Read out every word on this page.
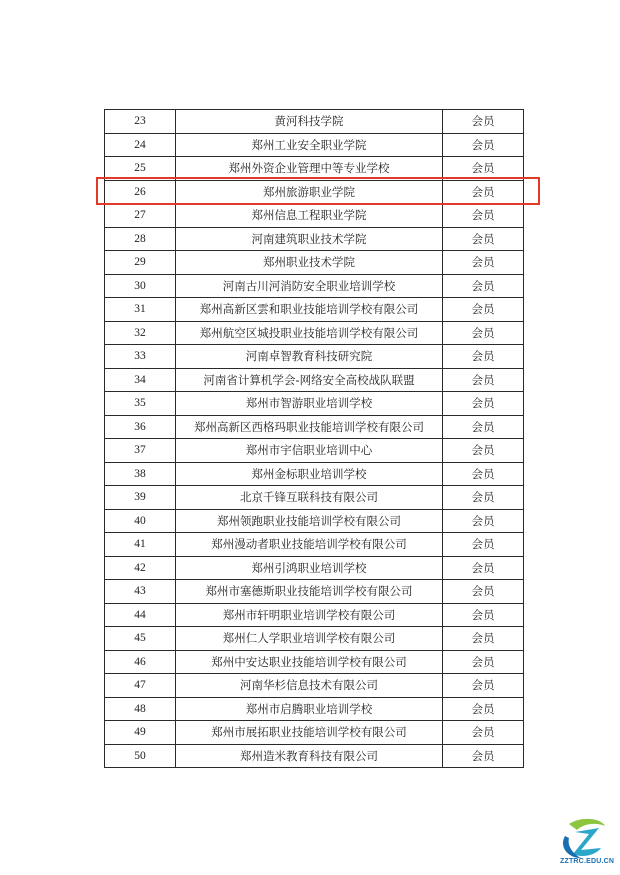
23	黄河科技学院	会员
24	郑州工业安全职业学院	会员
25	郑州外资企业管理中等专业学校	会员
26	郑州旅游职业学院	会员
27	郑州信息工程职业学院	会员
28	河南建筑职业技术学院	会员
29	郑州职业技术学院	会员
30	河南古川河消防安全职业培训学校	会员
31	郑州高新区雲和职业技能培训学校有限公司	会员
32	郑州航空区城投职业技能培训学校有限公司	会员
33	河南卓智教育科技研究院	会员
34	河南省计算机学会-网络安全高校战队联盟	会员
35	郑州市智游职业培训学校	会员
36	郑州高新区西格玛职业技能培训学校有限公司	会员
37	郑州市宇信职业培训中心	会员
38	郑州金标职业培训学校	会员
39	北京千锋互联科技有限公司	会员
40	郑州领跑职业技能培训学校有限公司	会员
41	郑州漫动者职业技能培训学校有限公司	会员
42	郑州引鸿职业培训学校	会员
43	郑州市塞德斯职业技能培训学校有限公司	会员
44	郑州市轩明职业培训学校有限公司	会员
45	郑州仁人学职业培训学校有限公司	会员
46	郑州中安达职业技能培训学校有限公司	会员
47	河南华杉信息技术有限公司	会员
48	郑州市启腾职业培训学校	会员
49	郑州市展拓职业技能培训学校有限公司	会员
50	郑州造米教育科技有限公司	会员
ZZTRC.EDU.CN
